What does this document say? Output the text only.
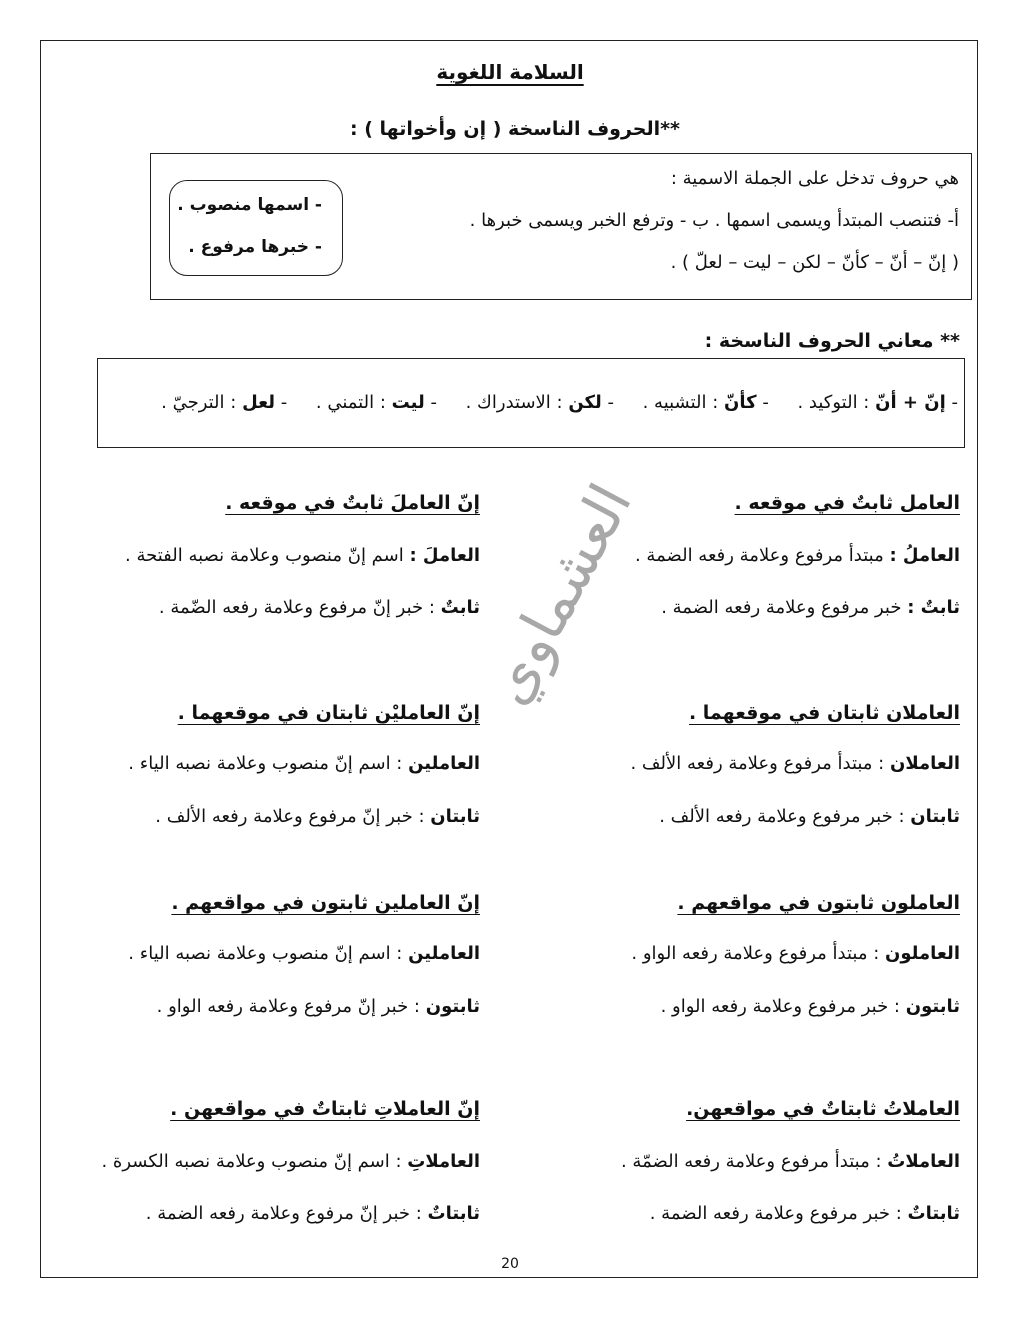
السلامة اللغوية
**الحروف الناسخة ( إن وأخواتها ) :
هي حروف تدخل على الجملة الاسمية :
أ- فتنصب المبتدأ ويسمى اسمها . ب - وترفع الخبر ويسمى خبرها .
( إنّ – أنّ – كأنّ – لكن – ليت – لعلّ ) .
- اسمها منصوب .
- خبرها مرفوع .
** معاني الحروف الناسخة :
- إنّ + أنّ : التوكيد .     - كأنّ : التشبيه .     - لكن : الاستدراك .     - ليت : التمني .     - لعل : الترجيّ .
العامل ثابتٌ في موقعه .
العاملُ : مبتدأ مرفوع وعلامة رفعه الضمة .
ثابتٌ : خبر مرفوع وعلامة رفعه الضمة .
إنّ العاملَ ثابتٌ في موقعه .
العاملَ : اسم إنّ منصوب وعلامة نصبه الفتحة .
ثابتٌ : خبر إنّ مرفوع وعلامة رفعه الضّمة .
العاملان ثابتان في موقعهما .
العاملان : مبتدأ مرفوع وعلامة رفعه الألف .
ثابتان : خبر مرفوع وعلامة رفعه الألف .
إنّ العامليْن ثابتان في موقعهما .
العاملين : اسم إنّ منصوب وعلامة نصبه الياء .
ثابتان : خبر إنّ مرفوع وعلامة رفعه الألف .
العاملون ثابتون في مواقعهم .
العاملون : مبتدأ مرفوع وعلامة رفعه الواو .
ثابتون : خبر مرفوع وعلامة رفعه الواو .
إنّ العاملين ثابتون في مواقعهم .
العاملين : اسم إنّ منصوب وعلامة نصبه الياء .
ثابتون : خبر إنّ مرفوع وعلامة رفعه الواو .
العاملاتُ ثابتاتٌ في مواقعهن.
العاملاتُ : مبتدأ مرفوع وعلامة رفعه الضمّة .
ثابتاتٌ : خبر مرفوع وعلامة رفعه الضمة .
إنّ العاملاتِ ثابتاتٌ في مواقعهن .
العاملاتِ : اسم إنّ منصوب وعلامة نصبه الكسرة .
ثابتاتٌ : خبر إنّ مرفوع وعلامة رفعه الضمة .
العشماوي
20
